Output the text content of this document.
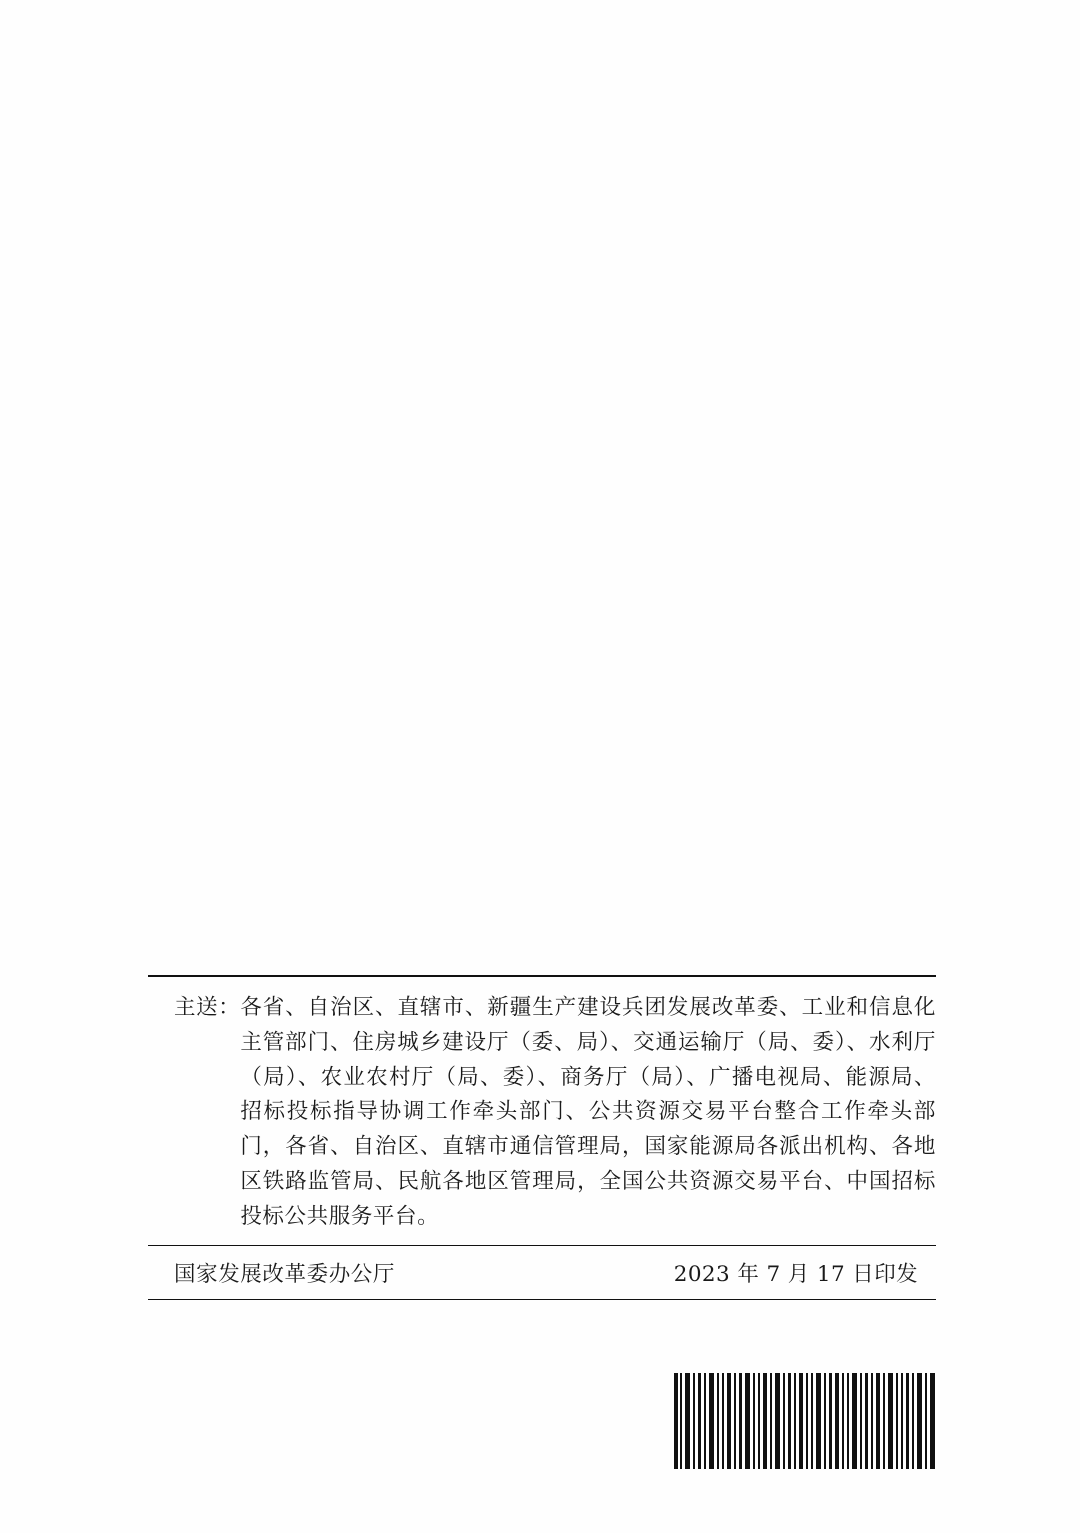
主送： 各省、自治区、直辖市、新疆生产建设兵团发展改革委、工业和信息化主管部门、住房城乡建设厅（委、局）、交通运输厅（局、委）、水利厅（局）、农业农村厅（局、委）、商务厅（局）、广播电视局、能源局、招标投标指导协调工作牵头部门、公共资源交易平台整合工作牵头部门，各省、自治区、直辖市通信管理局，国家能源局各派出机构、各地区铁路监管局、民航各地区管理局，全国公共资源交易平台、中国招标投标公共服务平台。
国家发展改革委办公厅	2023 年 7 月 17 日印发
